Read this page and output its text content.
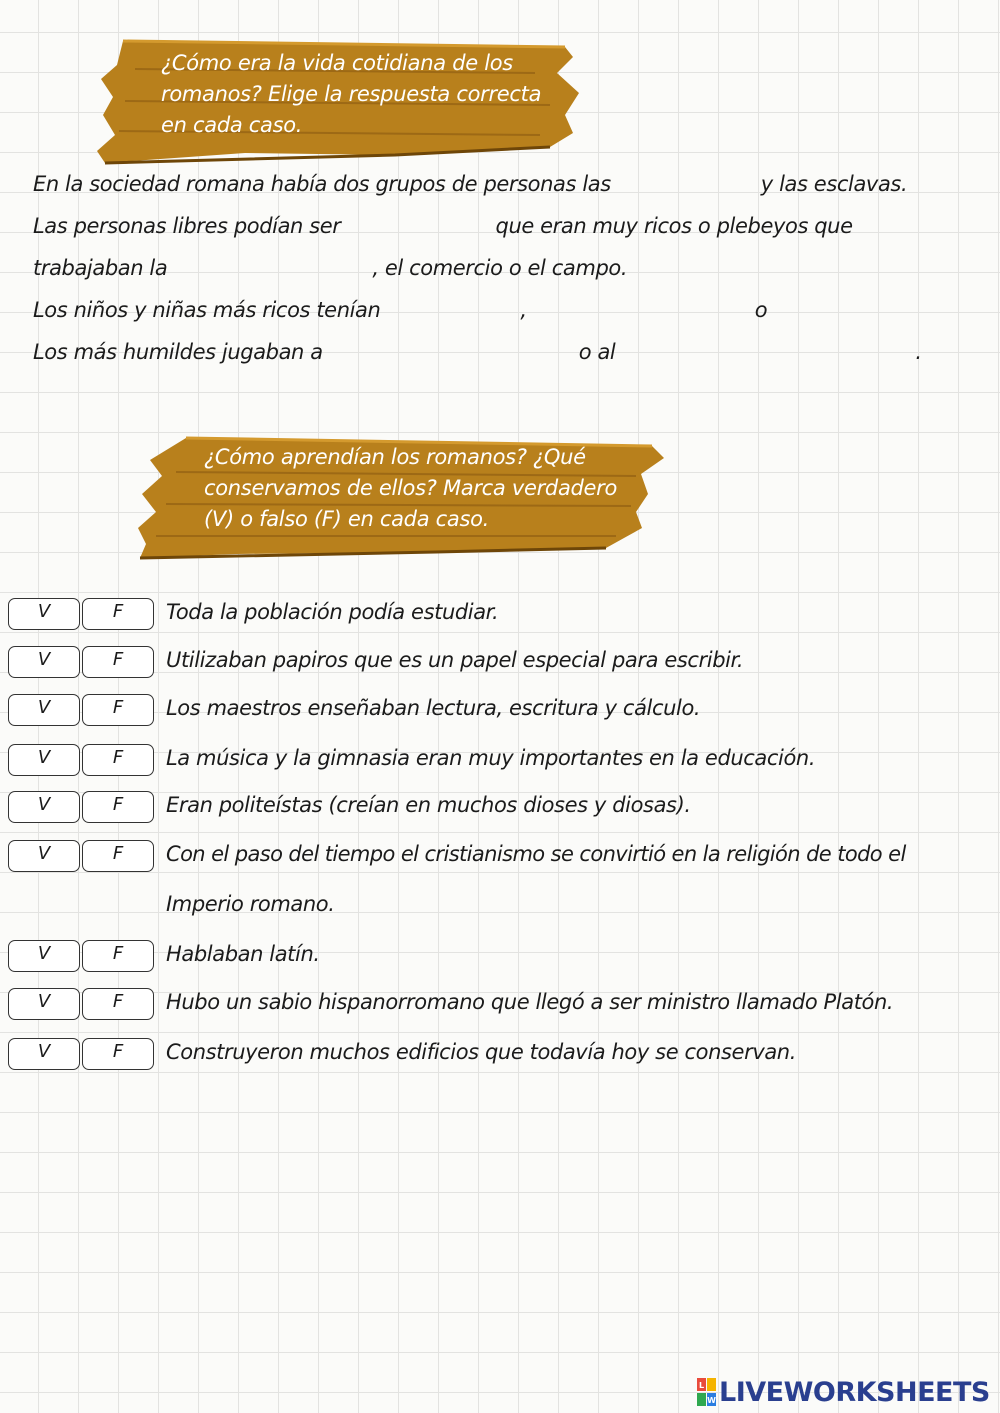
¿Cómo era la vida cotidiana de los
romanos? Elige la respuesta correcta
en cada caso.
En la sociedad romana había dos grupos de personas las	y las esclavas.
Las personas libres podían ser	que eran muy ricos o plebeyos que
trabajaban la	, el comercio o el campo.
Los niños y niñas más ricos tenían	,	o
Los más humildes jugaban a	o al	.
¿Cómo aprendían los romanos? ¿Qué
conservamos de ellos? Marca verdadero
(V) o falso (F) en cada caso.
V	F	Toda la población podía estudiar.
V	F	Utilizaban papiros que es un papel especial para escribir.
V	F	Los maestros enseñaban lectura, escritura y cálculo.
V	F	La música y la gimnasia eran muy importantes en la educación.
V	F	Eran politeístas (creían en muchos dioses y diosas).
V	F	Con el paso del tiempo el cristianismo se convirtió en la religión de todo el
Imperio romano.
V	F	Hablaban latín.
V	F	Hubo un sabio hispanorromano que llegó a ser ministro llamado Platón.
V	F	Construyeron muchos edificios que todavía hoy se conservan.
L
W LIVEWORKSHEETS
